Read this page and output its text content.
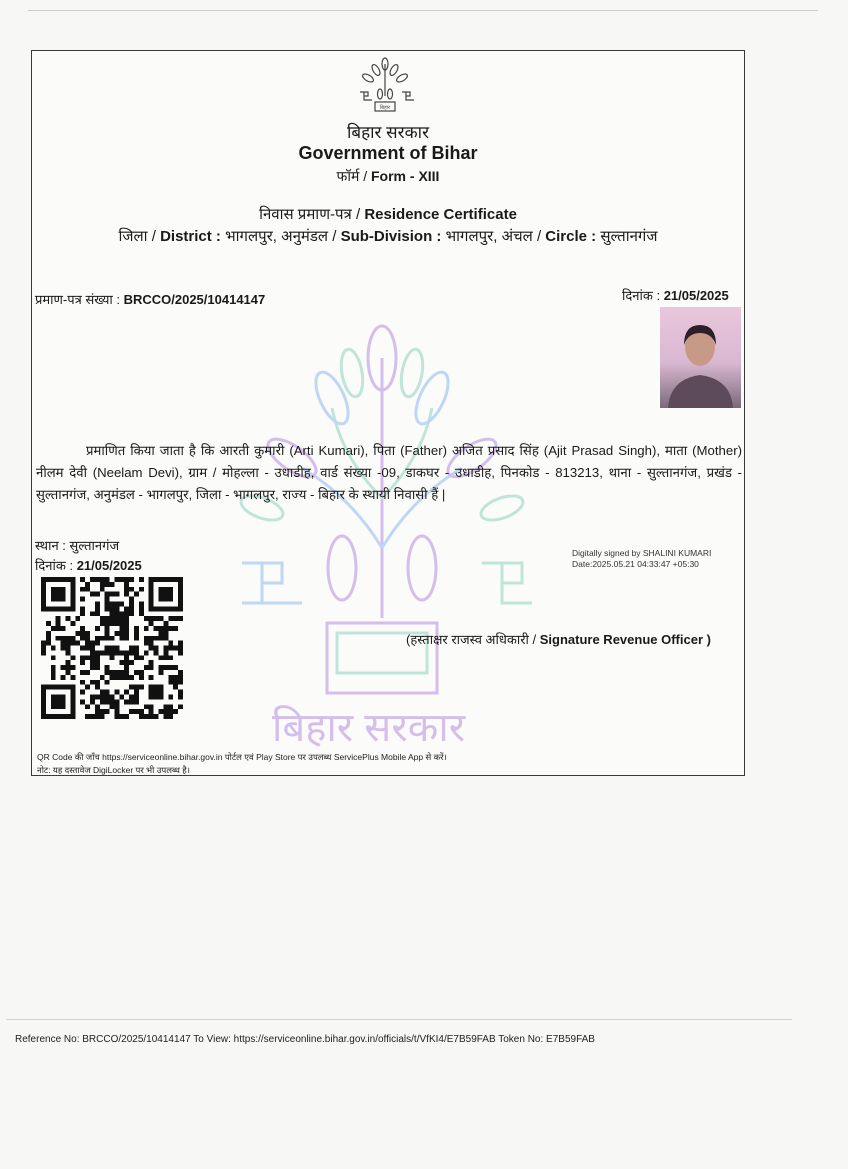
बिहार सरकार
बिहार
बिहार सरकार
Government of Bihar
फॉर्म / Form - XIII
निवास प्रमाण-पत्र / Residence Certificate
जिला / District : भागलपुर, अनुमंडल / Sub-Division : भागलपुर, अंचल / Circle : सुल्तानगंज
प्रमाण-पत्र संख्या : BRCCO/2025/10414147	दिनांक : 21/05/2025
प्रमाणित किया जाता है कि आरती कुमारी (Arti Kumari), पिता (Father) अजित प्रसाद सिंह (Ajit Prasad Singh), माता (Mother) नीलम देवी (Neelam Devi), ग्राम / मोहल्ला - उधाडीह, वार्ड संख्या -09, डाकघर - उधाडीह, पिनकोड - 813213, थाना - सुल्तानगंज, प्रखंड - सुल्तानगंज, अनुमंडल - भागलपुर, जिला - भागलपुर, राज्य - बिहार के स्थायी निवासी हैं |
स्थान : सुल्तानगंज
दिनांक : 21/05/2025
Digitally signed by SHALINI KUMARI
Date:2025.05.21 04:33:47 +05:30
(हस्ताक्षर राजस्व अधिकारी / Signature Revenue Officer )
QR Code की जाँच https://serviceonline.bihar.gov.in पोर्टल एवं Play Store पर उपलब्ध ServicePlus Mobile App से करें।
नोट: यह दस्तावेज DigiLocker पर भी उपलब्ध है।
Reference No: BRCCO/2025/10414147 To View: https://serviceonline.bihar.gov.in/officials/t/VfKI4/E7B59FAB Token No: E7B59FAB
